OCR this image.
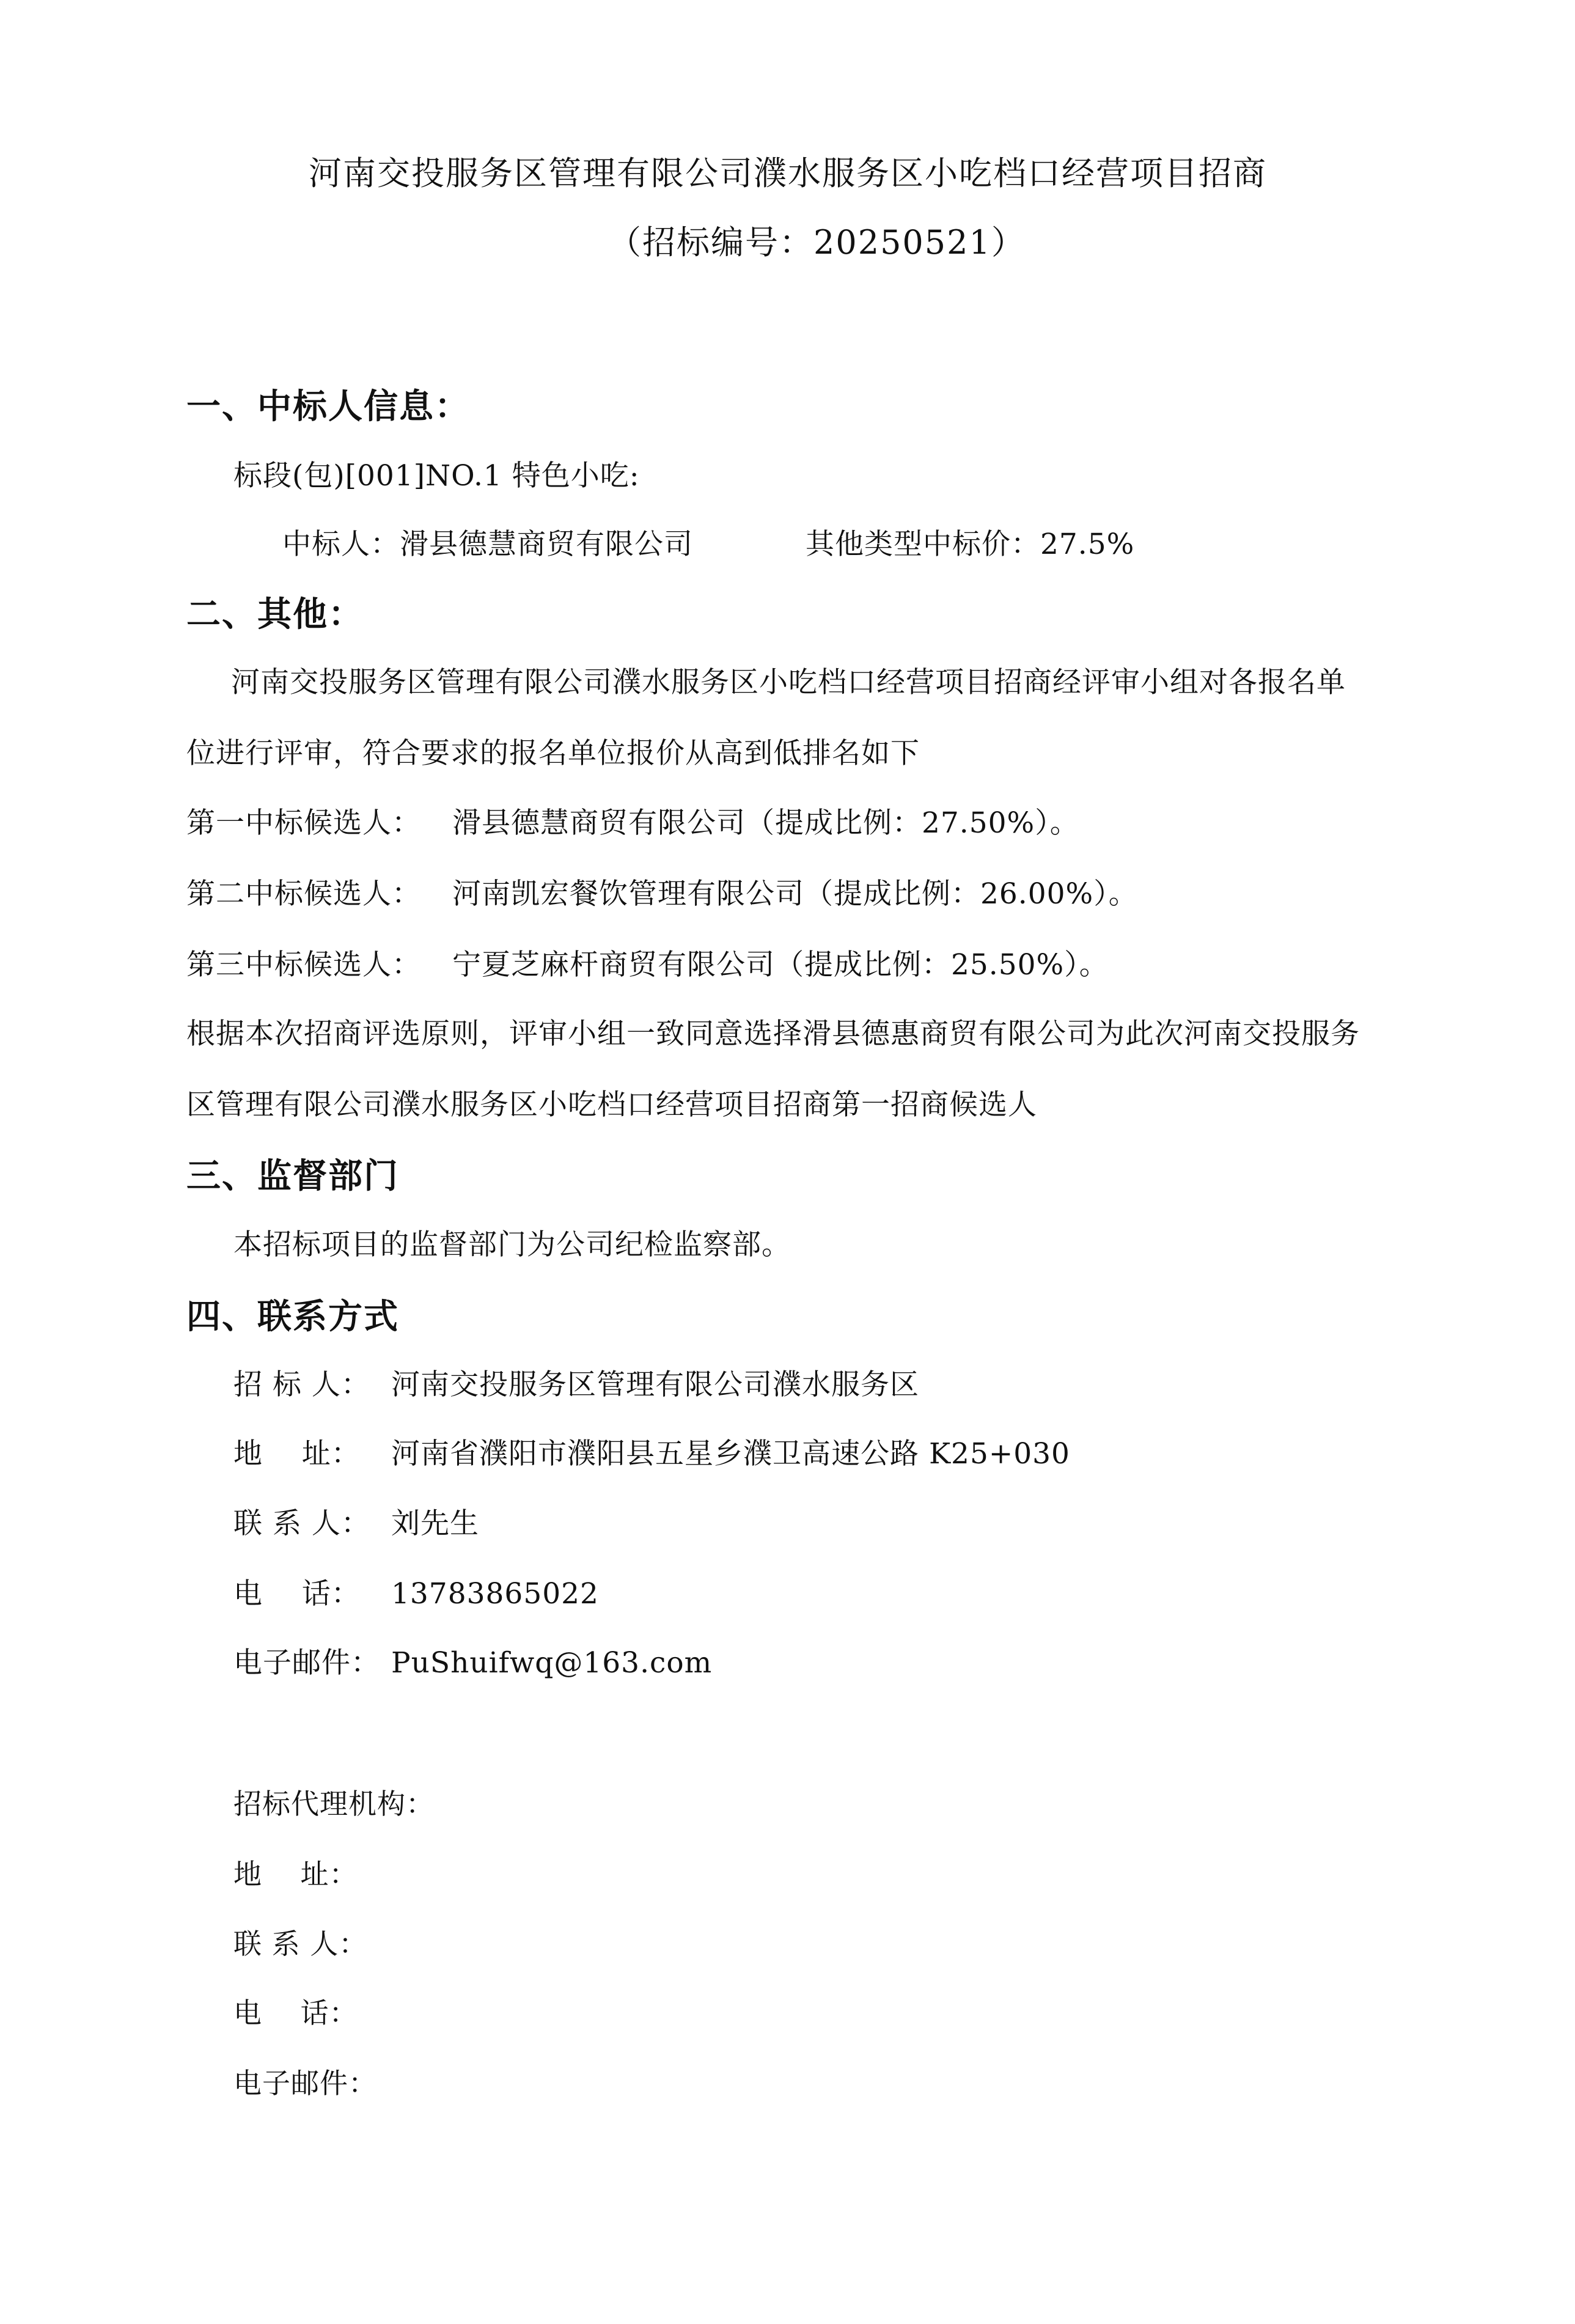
河南交投服务区管理有限公司濮水服务区小吃档口经营项目招商
（招标编号：20250521）
一、中标人信息：
标段(包)[001]NO.1 特色小吃:
中标人：滑县德慧商贸有限公司	其他类型中标价：27.5%
二、其他：
河南交投服务区管理有限公司濮水服务区小吃档口经营项目招商经评审小组对各报名单
位进行评审，符合要求的报名单位报价从高到低排名如下
第一中标候选人： 滑县德慧商贸有限公司（提成比例：27.50%）。
第二中标候选人： 河南凯宏餐饮管理有限公司（提成比例：26.00%）。
第三中标候选人： 宁夏芝麻杆商贸有限公司（提成比例：25.50%）。
根据本次招商评选原则，评审小组一致同意选择滑县德惠商贸有限公司为此次河南交投服务
区管理有限公司濮水服务区小吃档口经营项目招商第一招商候选人
三、监督部门
本招标项目的监督部门为公司纪检监察部。
四、联系方式
招 标 人： 河南交投服务区管理有限公司濮水服务区
地    址： 河南省濮阳市濮阳县五星乡濮卫高速公路 K25+030
联 系 人： 刘先生
电    话： 13783865022
电子邮件： PuShuifwq@163.com
招标代理机构：
地    址：
联 系 人：
电    话：
电子邮件：
